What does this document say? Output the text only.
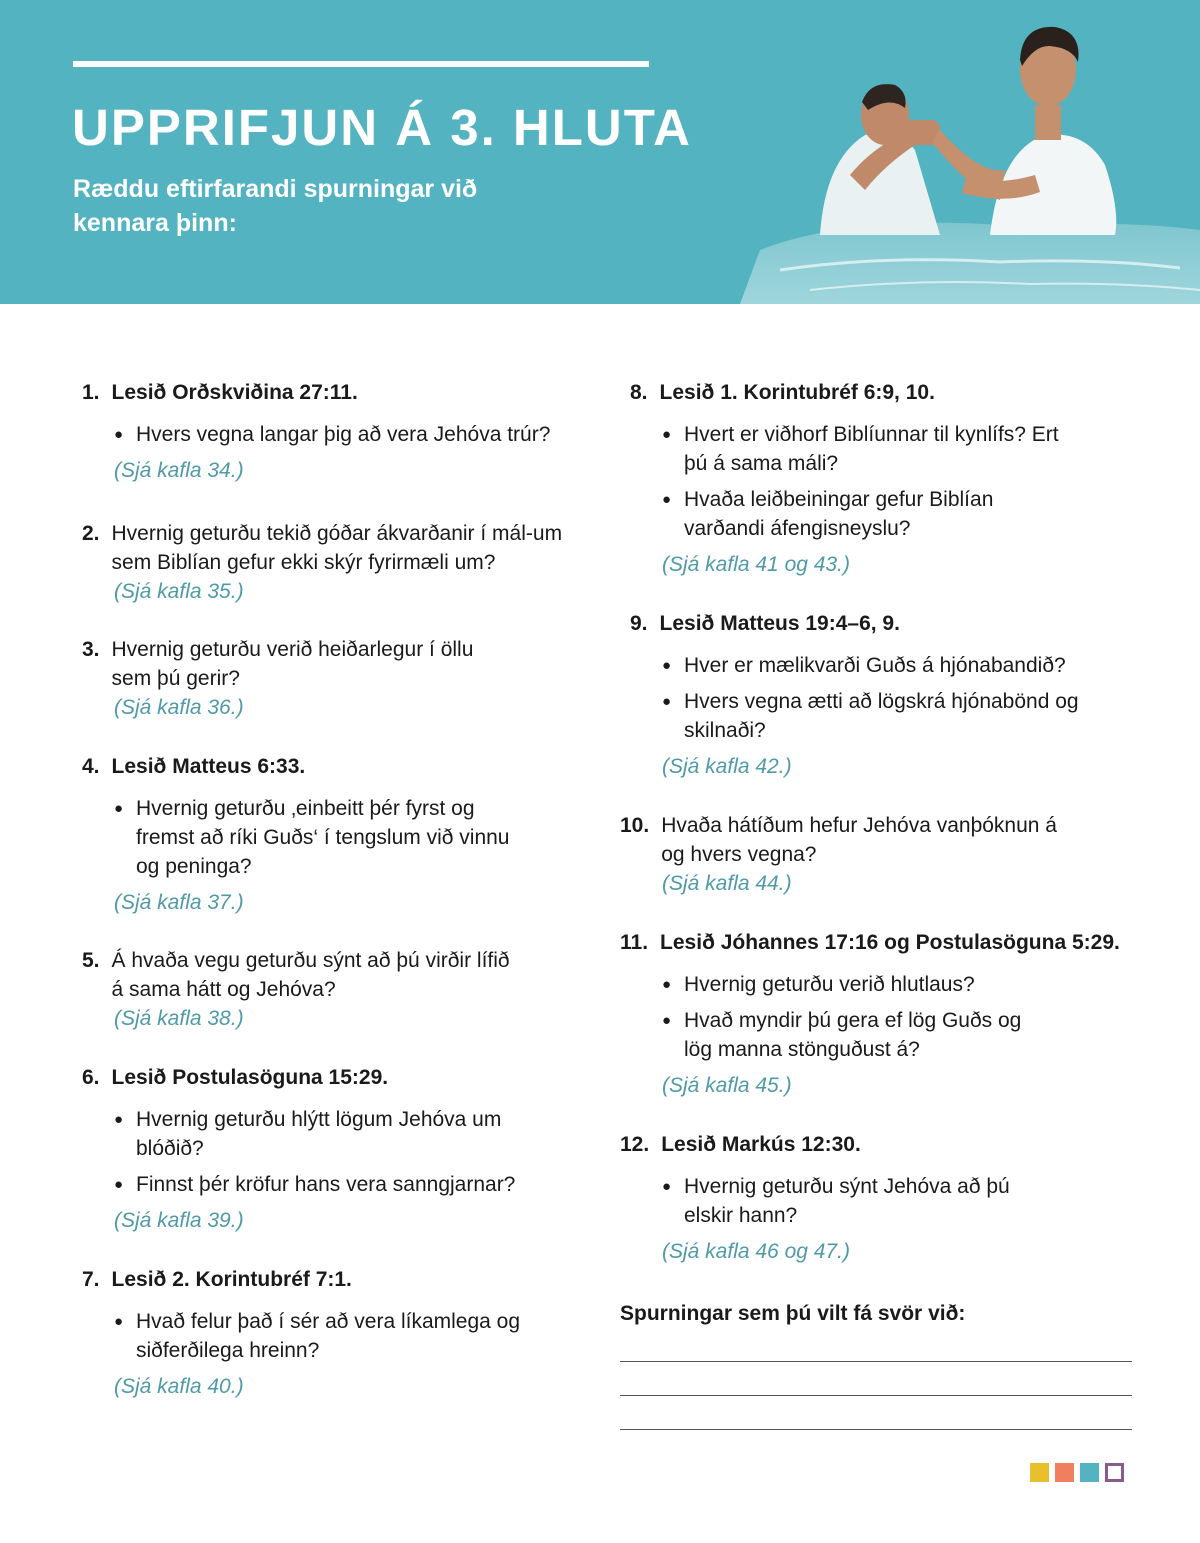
UPPRIFJUN Á 3. HLUTA
Ræddu eftirfarandi spurningar við kennara þinn:
1. Lesið Orðskviðina 27:11.
● Hvers vegna langar þig að vera Jehóva trúr?
(Sjá kafla 34.)
2. Hvernig geturðu tekið góðar ákvarðanir í mál-um sem Biblían gefur ekki skýr fyrirmæli um?
(Sjá kafla 35.)
3. Hvernig geturðu verið heiðarlegur í öllu sem þú gerir?
(Sjá kafla 36.)
4. Lesið Matteus 6:33.
● Hvernig geturðu ‚einbeitt þér fyrst og fremst að ríki Guðs‘ í tengslum við vinnu og peninga?
(Sjá kafla 37.)
5. Á hvaða vegu geturðu sýnt að þú virðir lífið á sama hátt og Jehóva?
(Sjá kafla 38.)
6. Lesið Postulasöguna 15:29.
● Hvernig geturðu hlýtt lögum Jehóva um blóðið?
● Finnst þér kröfur hans vera sanngjarnar?
(Sjá kafla 39.)
7. Lesið 2. Korintubréf 7:1.
● Hvað felur það í sér að vera líkamlega og siðferðilega hreinn?
(Sjá kafla 40.)
8. Lesið 1. Korintubréf 6:9, 10.
● Hvert er viðhorf Biblíunnar til kynlífs? Ert þú á sama máli?
● Hvaða leiðbeiningar gefur Biblían varðandi áfengisneyslu?
(Sjá kafla 41 og 43.)
9. Lesið Matteus 19:4–6, 9.
● Hver er mælikvarði Guðs á hjónabandið?
● Hvers vegna ætti að lögskrá hjónabönd og skilnaði?
(Sjá kafla 42.)
10. Hvaða hátíðum hefur Jehóva vanþóknun á og hvers vegna?
(Sjá kafla 44.)
11. Lesið Jóhannes 17:16 og Postulasöguna 5:29.
● Hvernig geturðu verið hlutlaus?
● Hvað myndir þú gera ef lög Guðs og lög manna stönguðust á?
(Sjá kafla 45.)
12. Lesið Markús 12:30.
● Hvernig geturðu sýnt Jehóva að þú elskir hann?
(Sjá kafla 46 og 47.)
Spurningar sem þú vilt fá svör við:
